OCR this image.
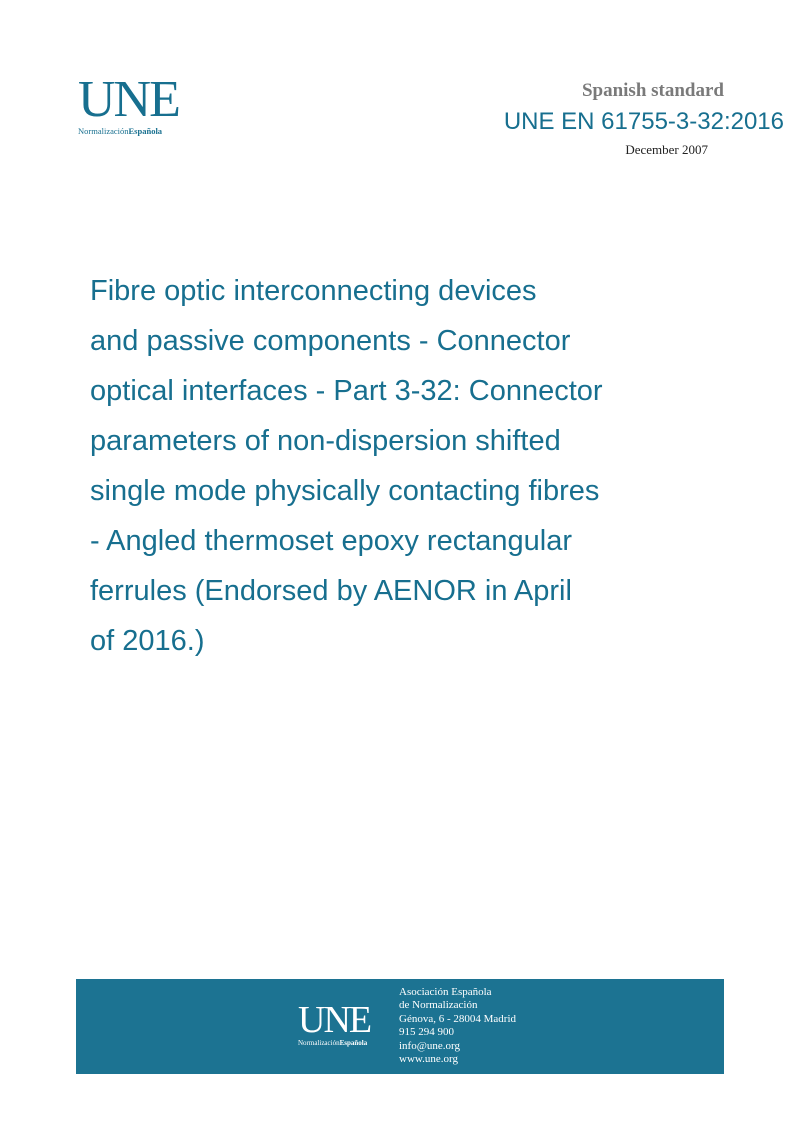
UNE
NormalizaciónEspañola
Spanish standard
UNE EN 61755-3-32:2016
December 2007
Fibre optic interconnecting devices
and passive components - Connector
optical interfaces - Part 3-32: Connector
parameters of non-dispersion shifted
single mode physically contacting fibres
- Angled thermoset epoxy rectangular
ferrules (Endorsed by AENOR in April
of 2016.)
UNE
NormalizaciónEspañola
Asociación Española
de Normalización
Génova, 6 - 28004 Madrid
915 294 900
info@une.org
www.une.org
